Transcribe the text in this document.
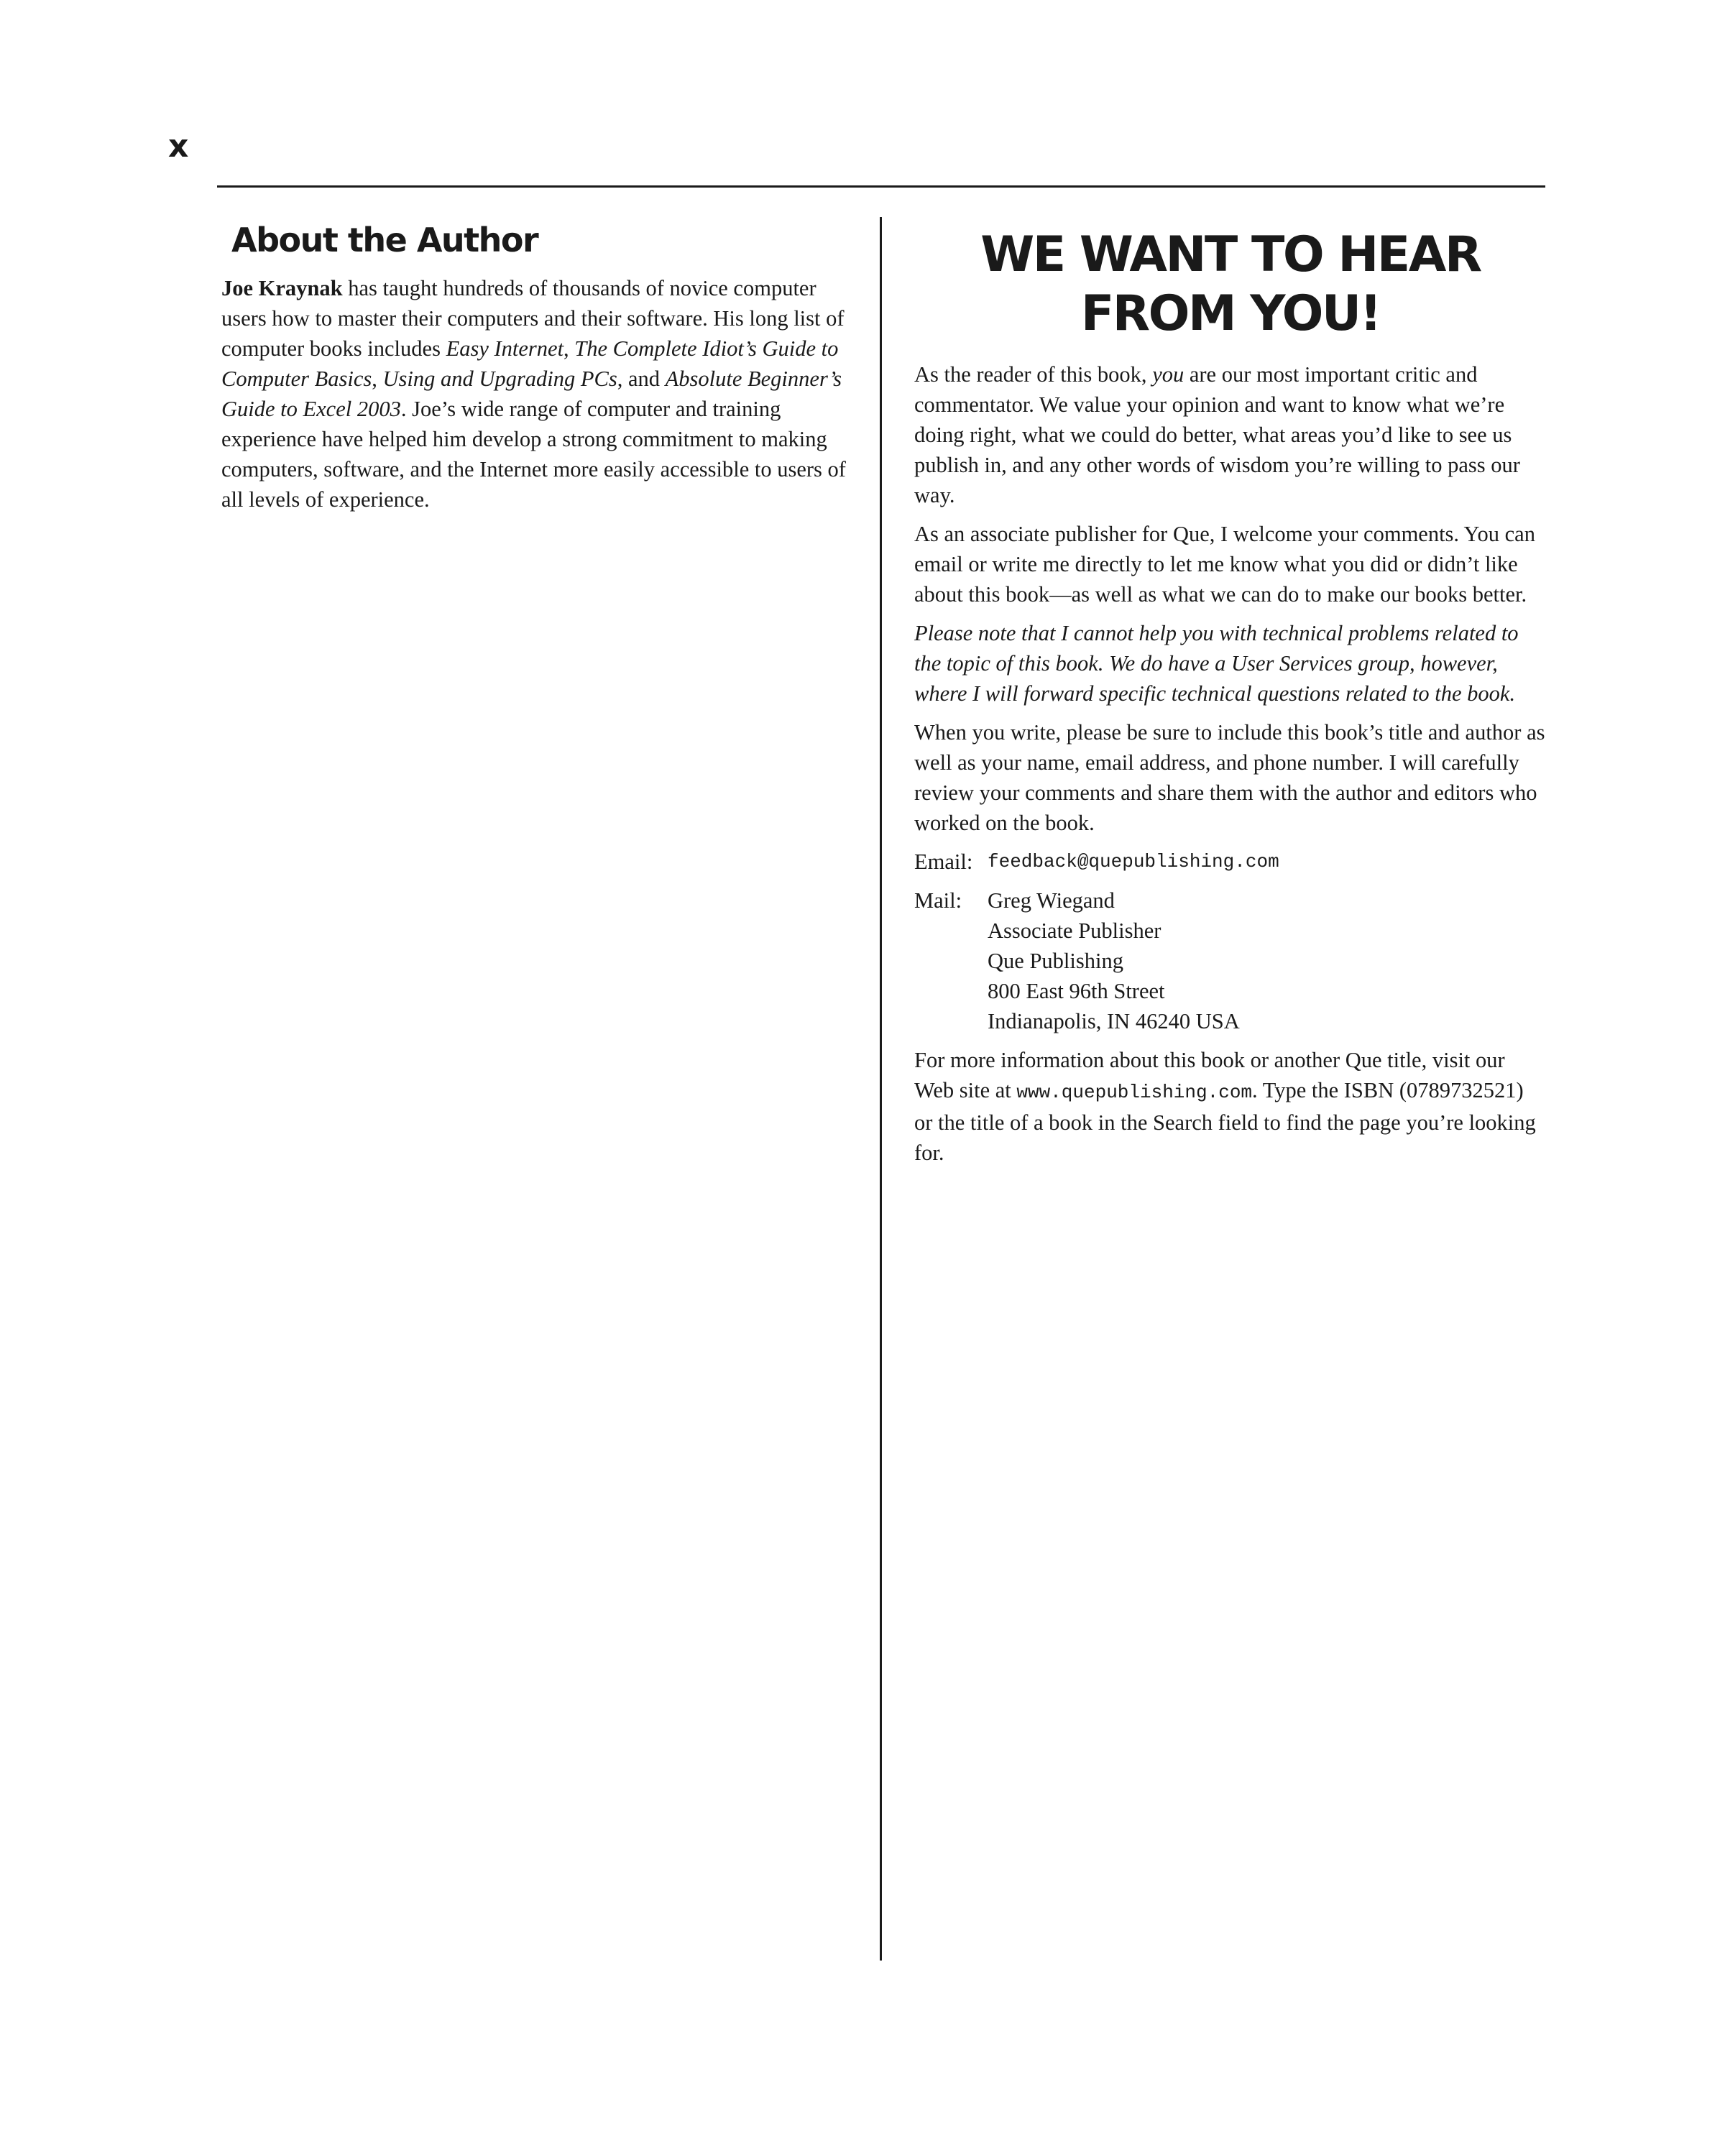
x
About the Author

Joe Kraynak has taught hundreds of thousands of novice computer users how to master their computers and their software. His long list of computer books includes Easy Internet, The Complete Idiot’s Guide to Computer Basics, Using and Upgrading PCs, and Absolute Beginner’s Guide to Excel 2003. Joe’s wide range of computer and training experience have helped him develop a strong commitment to making computers, software, and the Internet more easily accessible to users of all levels of experience.

WE WANT TO HEAR
FROM YOU!

As the reader of this book, you are our most important critic and commentator. We value your opinion and want to know what we’re doing right, what we could do better, what areas you’d like to see us publish in, and any other words of wisdom you’re willing to pass our way.

As an associate publisher for Que, I welcome your comments. You can email or write me directly to let me know what you did or didn’t like about this book—as well as what we can do to make our books better.

Please note that I cannot help you with technical problems related to the topic of this book. We do have a User Services group, however, where I will forward specific technical questions related to the book.

When you write, please be sure to include this book’s title and author as well as your name, email address, and phone number. I will carefully review your comments and share them with the author and editors who worked on the book.

Email: feedback@quepublishing.com
Mail:	Greg Wiegand
Associate Publisher
Que Publishing
800 East 96th Street
Indianapolis, IN 46240 USA

For more information about this book or another Que title, visit our Web site at www.quepublishing.com. Type the ISBN (0789732521) or the title of a book in the Search field to find the page you’re looking for.
